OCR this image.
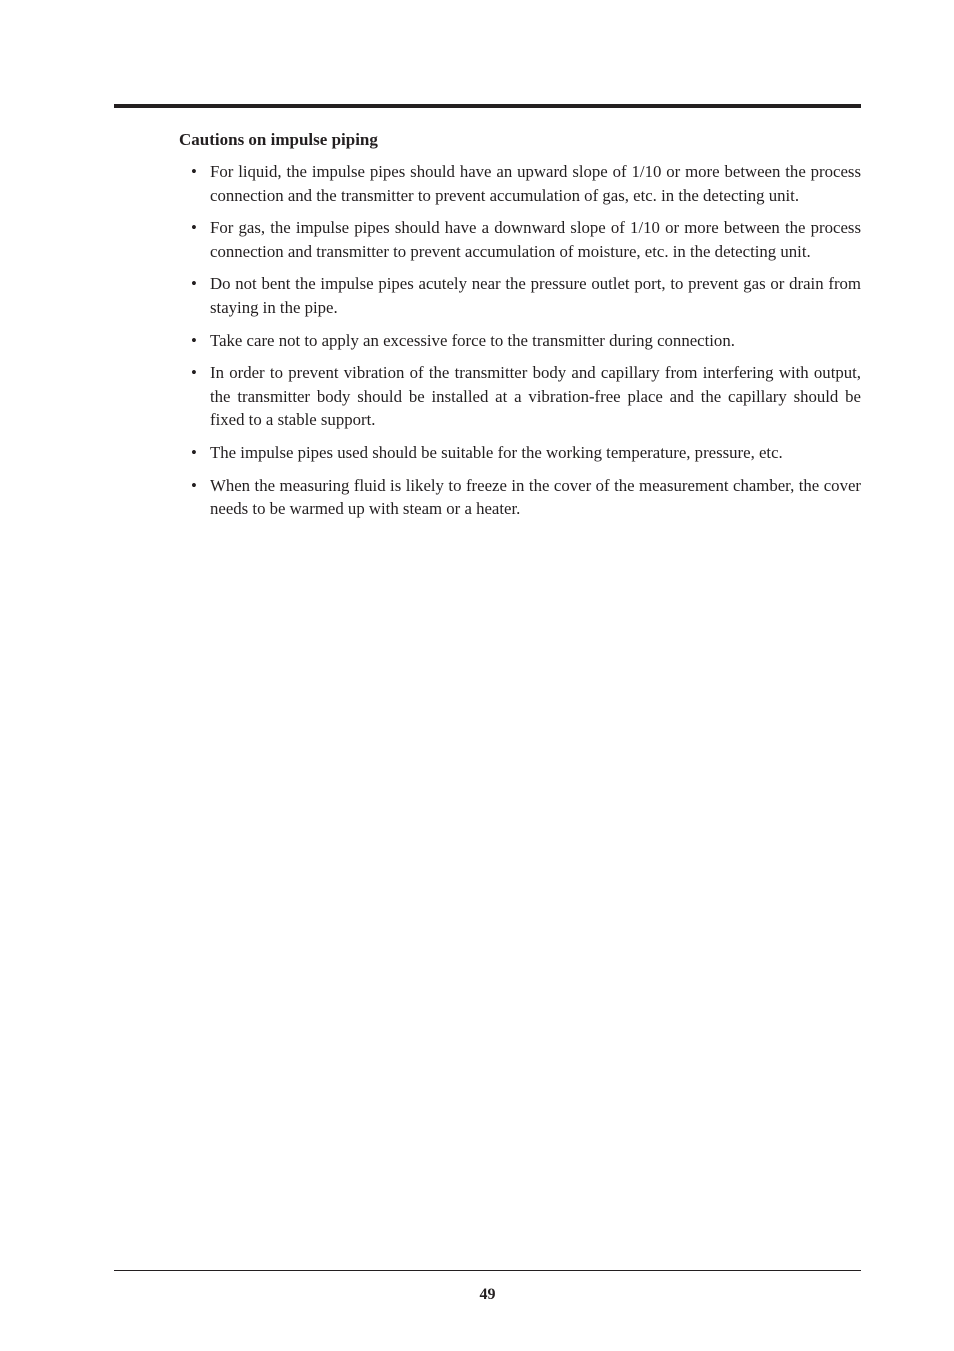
Cautions on impulse piping
• For liquid, the impulse pipes should have an upward slope of 1/10 or more between the process connection and the transmitter to prevent accumulation of gas, etc. in the detecting unit.
• For gas, the impulse pipes should have a downward slope of 1/10 or more between the process connection and transmitter to prevent accumulation of moisture, etc. in the detecting unit.
• Do not bent the impulse pipes acutely near the pressure outlet port, to prevent gas or drain from staying in the pipe.
• Take care not to apply an excessive force to the transmitter during connection.
• In order to prevent vibration of the transmitter body and capillary from interfering with output, the transmitter body should be installed at a vibration-free place and the capillary should be fixed to a stable support.
• The impulse pipes used should be suitable for the working temperature, pressure, etc.
• When the measuring fluid is likely to freeze in the cover of the measurement chamber, the cover needs to be warmed up with steam or a heater.
49
